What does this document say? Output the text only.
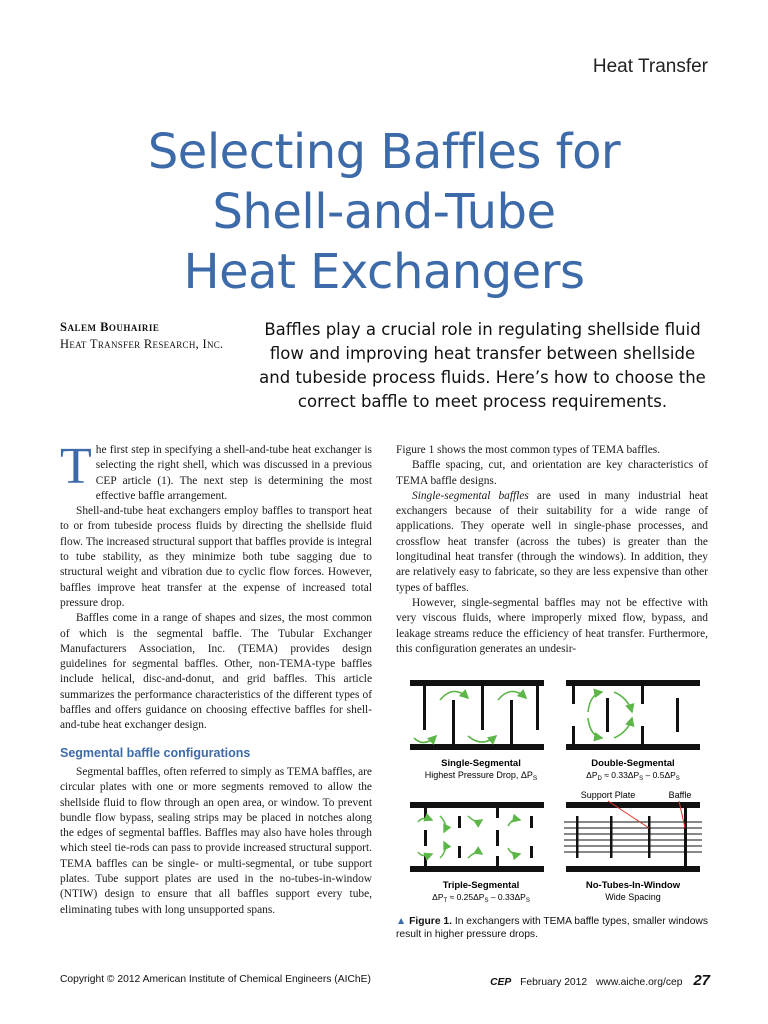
Heat Transfer
Selecting Baffles for
Shell-and-Tube
Heat Exchangers
Salem Bouhairie
Heat Transfer Research, Inc.
Baffles play a crucial role in regulating shellside fluid
flow and improving heat transfer between shellside
and tubeside process fluids. Here’s how to choose the
correct baffle to meet process requirements.

The first step in specifying a shell-and-tube heat exchanger is selecting the right shell, which was discussed in a previous CEP article (1). The next step is determining the most effective baffle arrangement.

Shell-and-tube heat exchangers employ baffles to transport heat to or from tubeside process fluids by directing the shellside fluid flow. The increased structural support that baffles provide is integral to tube stability, as they minimize both tube sagging due to structural weight and vibration due to cyclic flow forces. However, baffles improve heat transfer at the expense of increased total pressure drop.

Baffles come in a range of shapes and sizes, the most common of which is the segmental baffle. The Tubular Exchanger Manufacturers Association, Inc. (TEMA) provides design guidelines for segmental baffles. Other, non-TEMA-type baffles include helical, disc-and-donut, and grid baffles. This article summarizes the performance characteristics of the different types of baffles and offers guidance on choosing effective baffles for shell-and-tube heat exchanger design.

Segmental baffle configurations

Segmental baffles, often referred to simply as TEMA baffles, are circular plates with one or more segments removed to allow the shellside fluid to flow through an open area, or window. To prevent bundle flow bypass, sealing strips may be placed in notches along the edges of segmental baffles. Baffles may also have holes through which steel tie-rods can pass to provide increased structural support. TEMA baffles can be single- or multi-segmental, or tube support plates. Tube support plates are used in the no-tubes-in-window (NTIW) design to ensure that all baffles support every tube, eliminating tubes with long unsupported spans.

Figure 1 shows the most common types of TEMA baffles.

Baffle spacing, cut, and orientation are key characteristics of TEMA baffle designs.

Single-segmental baffles are used in many industrial heat exchangers because of their suitability for a wide range of applications. They operate well in single-phase processes, and crossflow heat transfer (across the tubes) is greater than the longitudinal heat transfer (through the windows). In addition, they are relatively easy to fabricate, so they are less expensive than other types of baffles.

However, single-segmental baffles may not be effective with very viscous fluids, where improperly mixed flow, bypass, and leakage streams reduce the efficiency of heat transfer. Furthermore, this configuration generates an undesir-

Single-Segmental
Highest Pressure Drop, $\Delta P_S$
Double-Segmental
$\Delta P_D \approx 0.33\Delta P_S - 0.5\Delta P_S$
Triple-Segmental
$\Delta P_T \approx 0.25\Delta P_S - 0.33\Delta P_S$
Support Plate	Baffle
No-Tubes-In-Window
Wide Spacing
▲ Figure 1. In exchangers with TEMA baffle types, smaller windows result in higher pressure drops.
Copyright © 2012 American Institute of Chemical Engineers (AIChE)	CEP February 2012 www.aiche.org/cep 27
